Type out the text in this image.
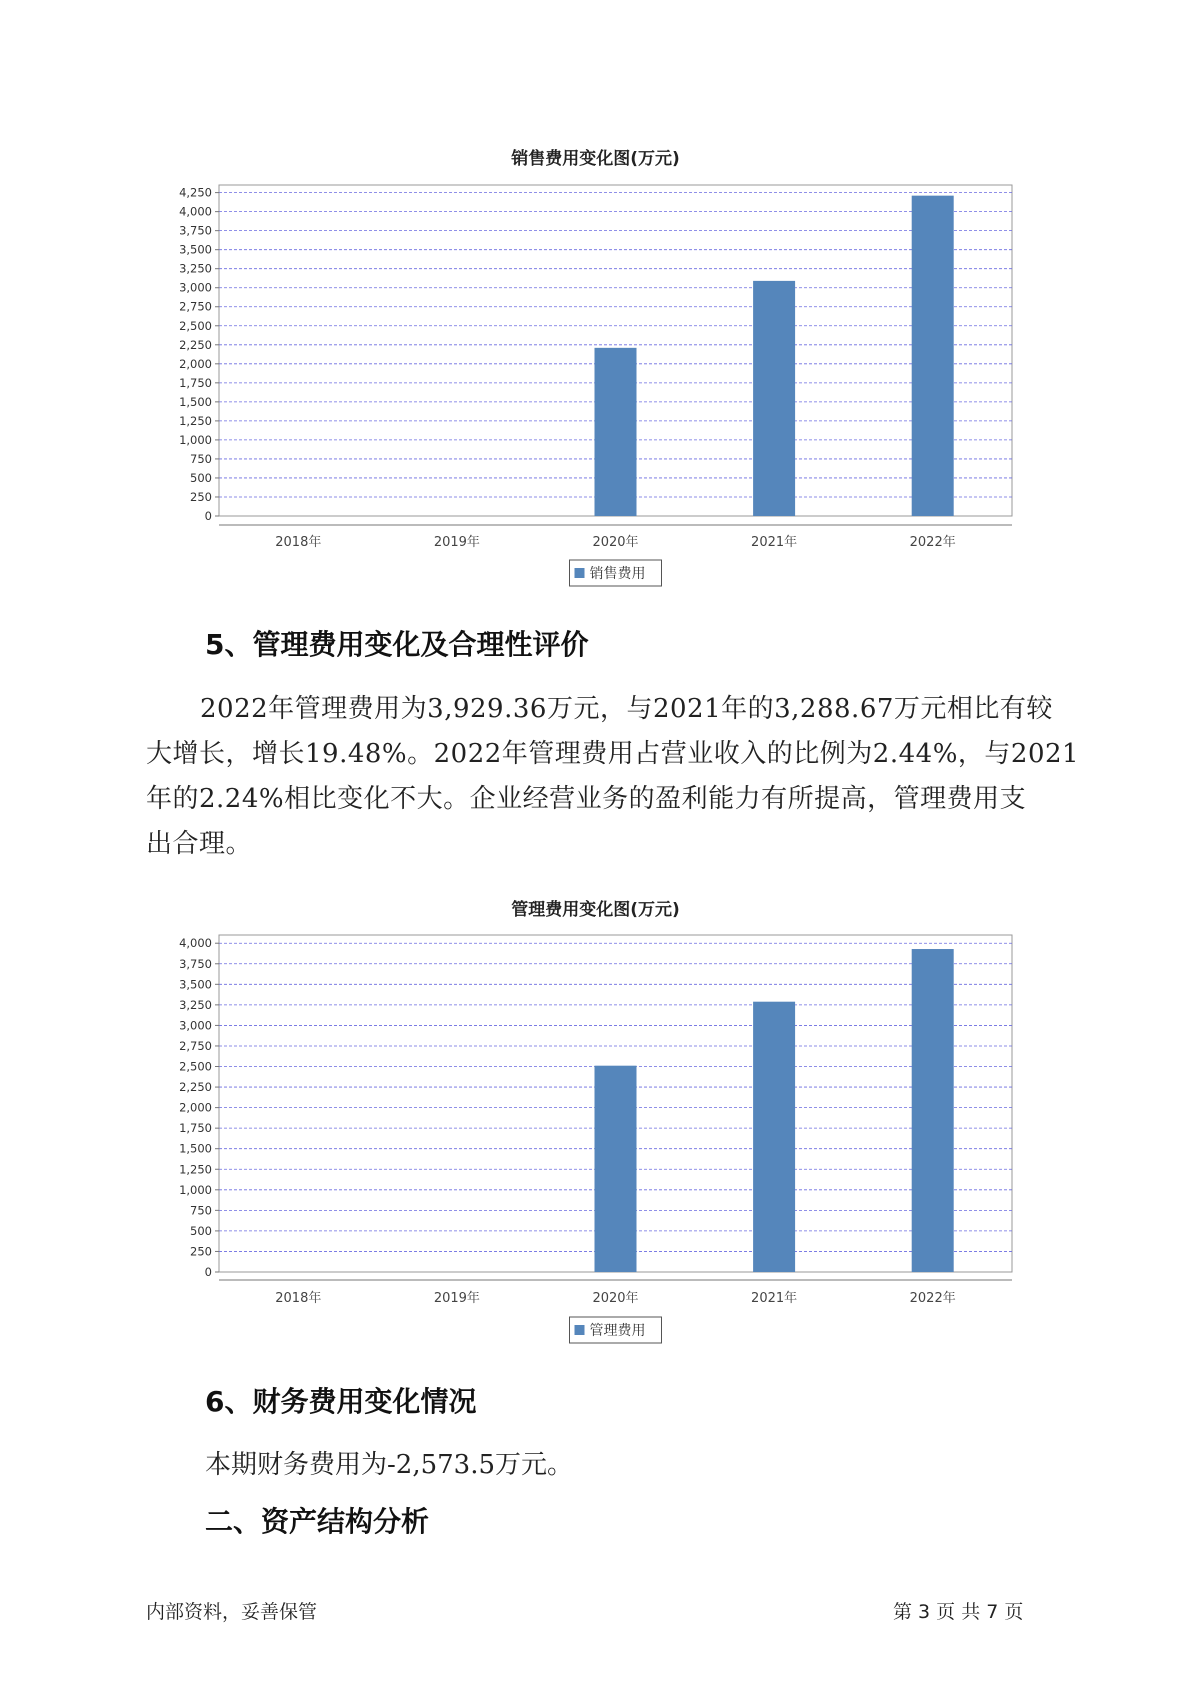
销售费用变化图(万元)
0
250
500
750
1,000
1,250
1,500
1,750
2,000
2,250
2,500
2,750
3,000
3,250
3,500
3,750
4,000
4,250
2018年	2019年	2020年	2021年	2022年
销售费用
5、管理费用变化及合理性评价
2022年管理费用为3,929.36万元，与2021年的3,288.67万元相比有较
大增长，增长19.48%。2022年管理费用占营业收入的比例为2.44%，与2021
年的2.24%相比变化不大。企业经营业务的盈利能力有所提高，管理费用支
出合理。
管理费用变化图(万元)
0
250
500
750
1,000
1,250
1,500
1,750
2,000
2,250
2,500
2,750
3,000
3,250
3,500
3,750
4,000
2018年	2019年	2020年	2021年	2022年
管理费用
6、财务费用变化情况
本期财务费用为-2,573.5万元。
二、资产结构分析
内部资料，妥善保管	第 3 页 共 7 页
